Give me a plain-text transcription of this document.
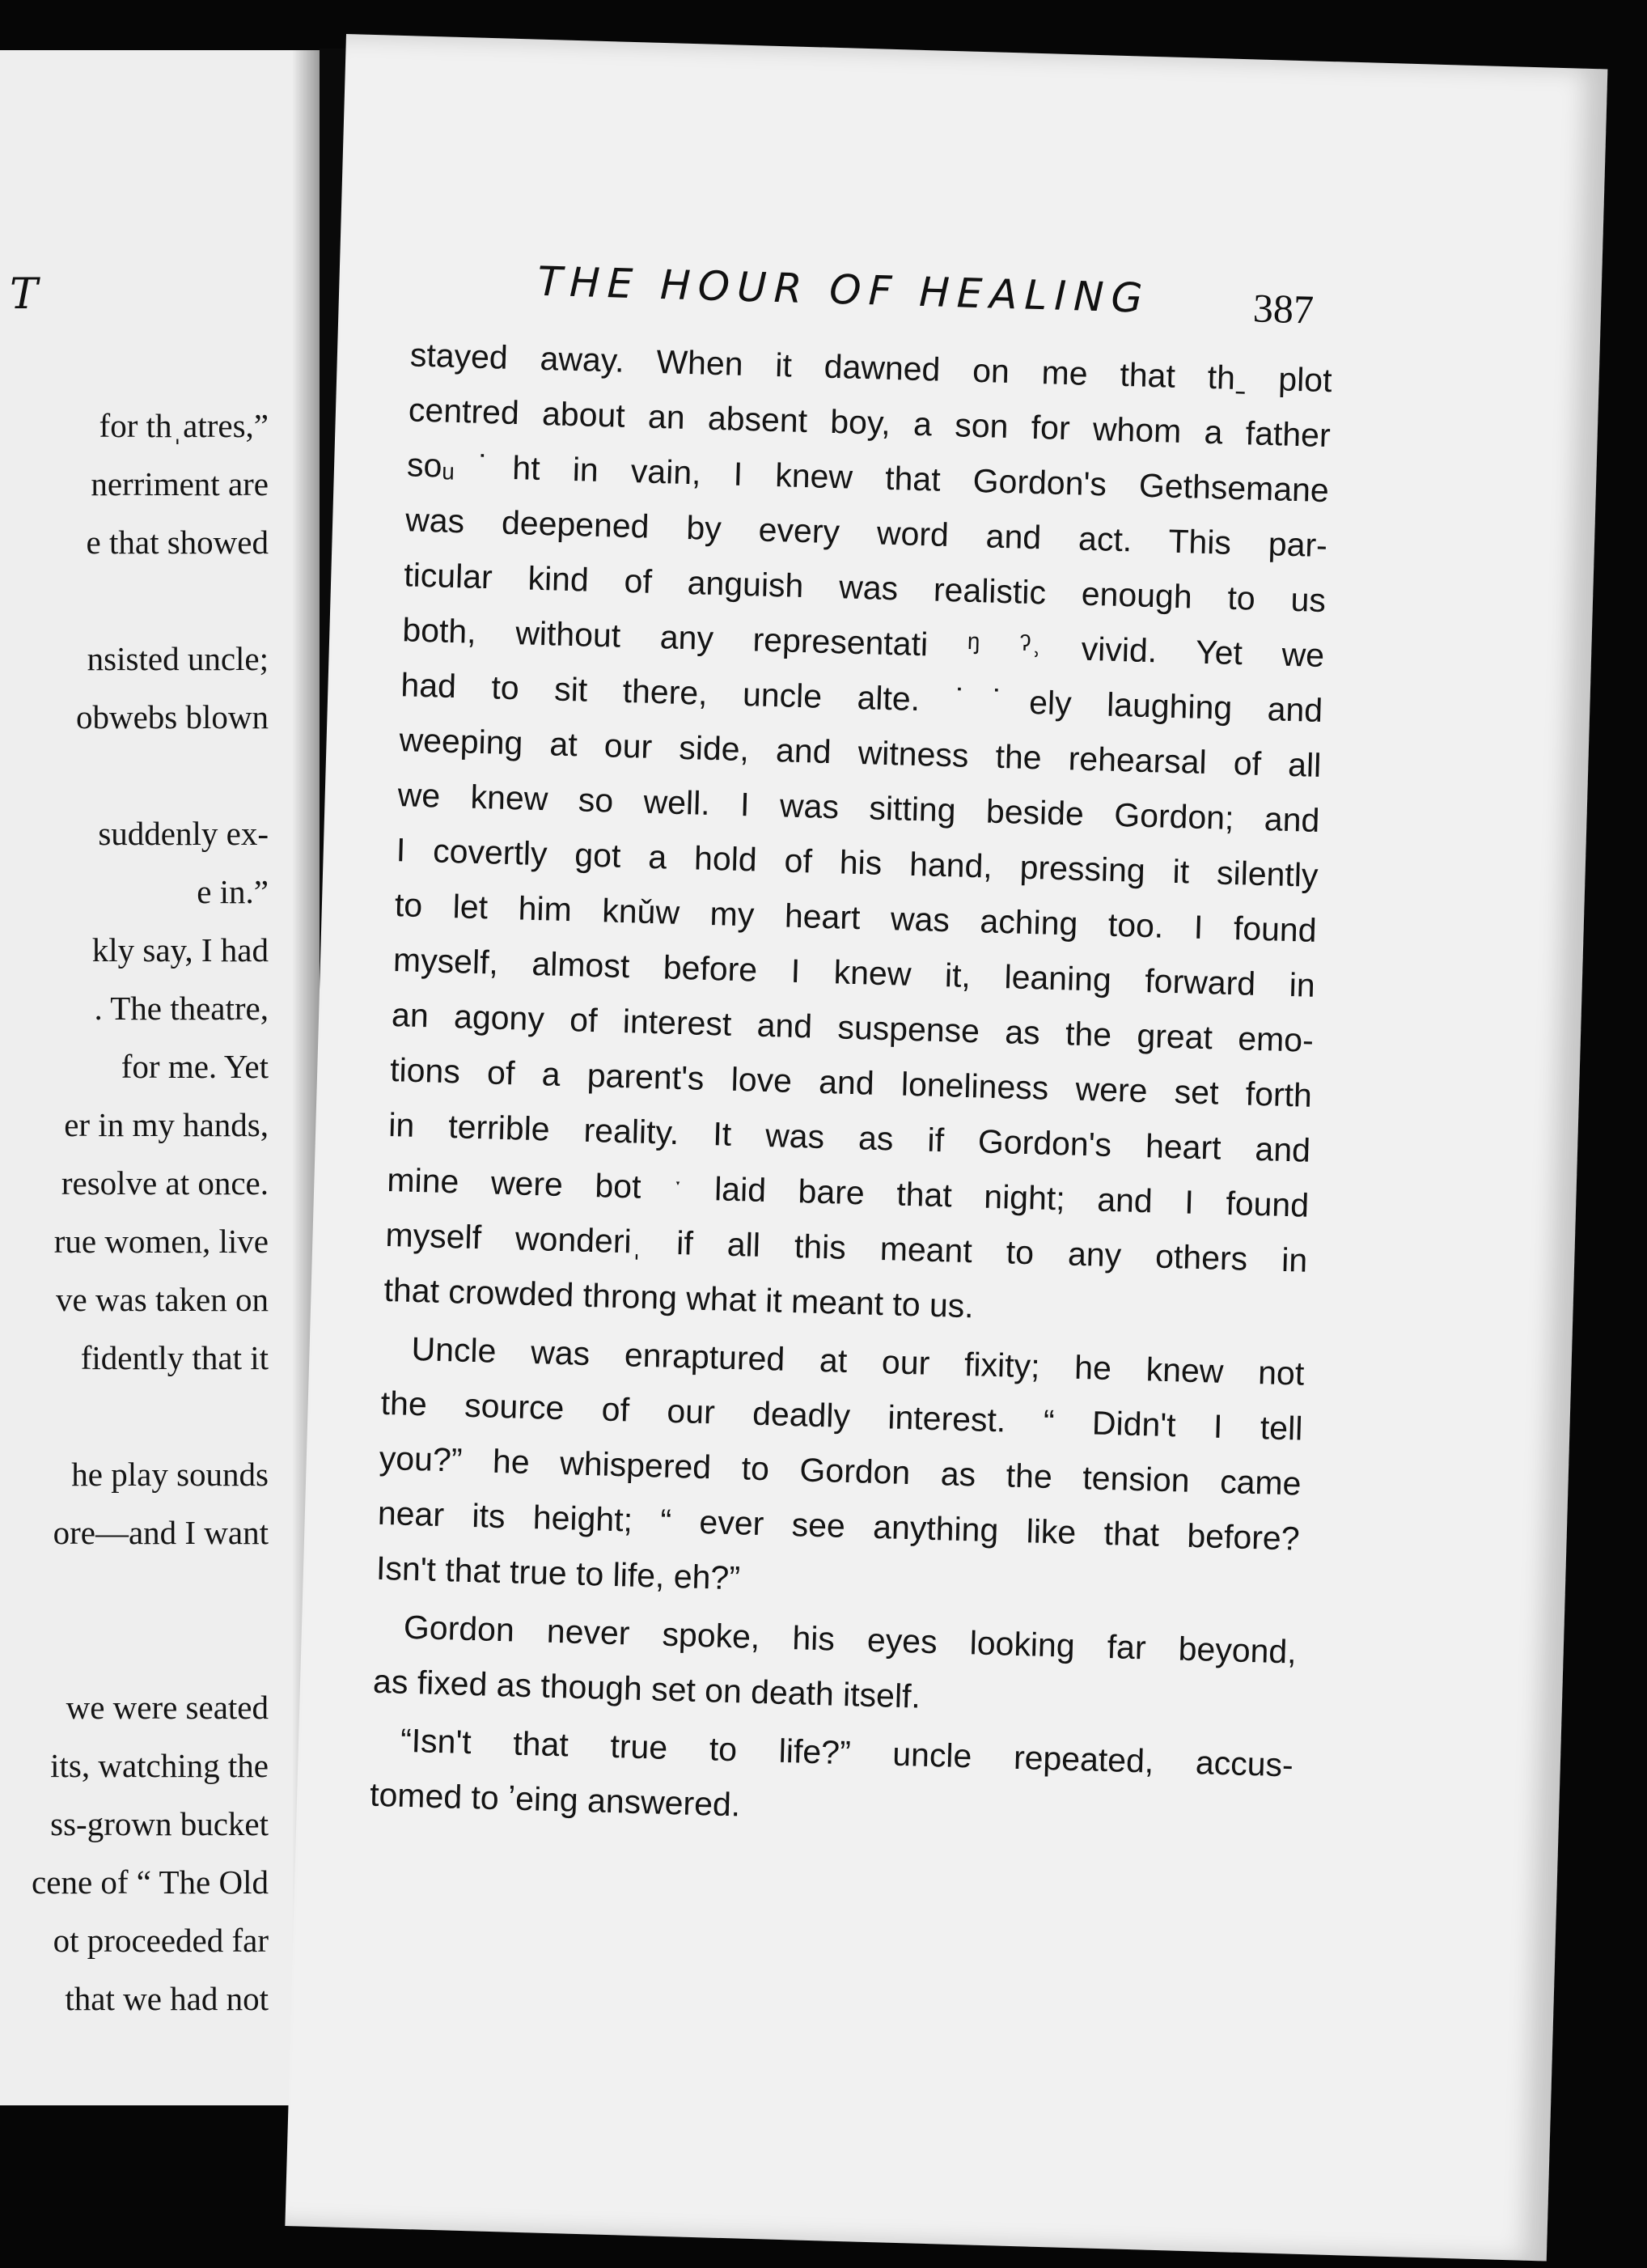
T
for thˌatres,”
nerriment are
e that showed
nsisted uncle;
obwebs blown
suddenly ex-
e in.”
kly say, I had
. The theatre,
for me. Yet
er in my hands,
resolve at once.
rue women, live
ve was taken on
fidently that it
he play sounds
ore—and I want
we were seated
its, watching the
ss-grown bucket
cene of “ The Old
ot proceeded far
that we had not
THE HOUR OF HEALING	387
stayed away. When it dawned on me that thˍ plot
centred about an absent boy, a son for whom a father
soᵤ˙ht in vain, I knew that Gordon's Gethsemane
was deepened by every word and act. This par-
ticular kind of anguish was realistic enough to us
both, without any representati ᵑ ˀ˒ vivid. Yet we
had to sit there, uncle alte. ˙˙ely laughing and
weeping at our side, and witness the rehearsal of all
we knew so well. I was sitting beside Gordon; and
I covertly got a hold of his hand, pressing it silently
to let him knǔw my heart was aching too. I found
myself, almost before I knew it, leaning forward in
an agony of interest and suspense as the great emo-
tions of a parent's love and loneliness were set forth
in terrible reality. It was as if Gordon's heart and
mine were bot ˑ laid bare that night; and I found
myself wonderiˌ if all this meant to any others in
that crowded throng what it meant to us.
Uncle was enraptured at our fixity; he knew not
the source of our deadly interest. “ Didn't I tell
you?” he whispered to Gordon as the tension came
near its height; “ ever see anything like that before?
Isn't that true to life, eh?”
Gordon never spoke, his eyes looking far beyond,
as fixed as though set on death itself.
“Isn't that true to life?” uncle repeated, accus-
tomed to ʼeing answered.
